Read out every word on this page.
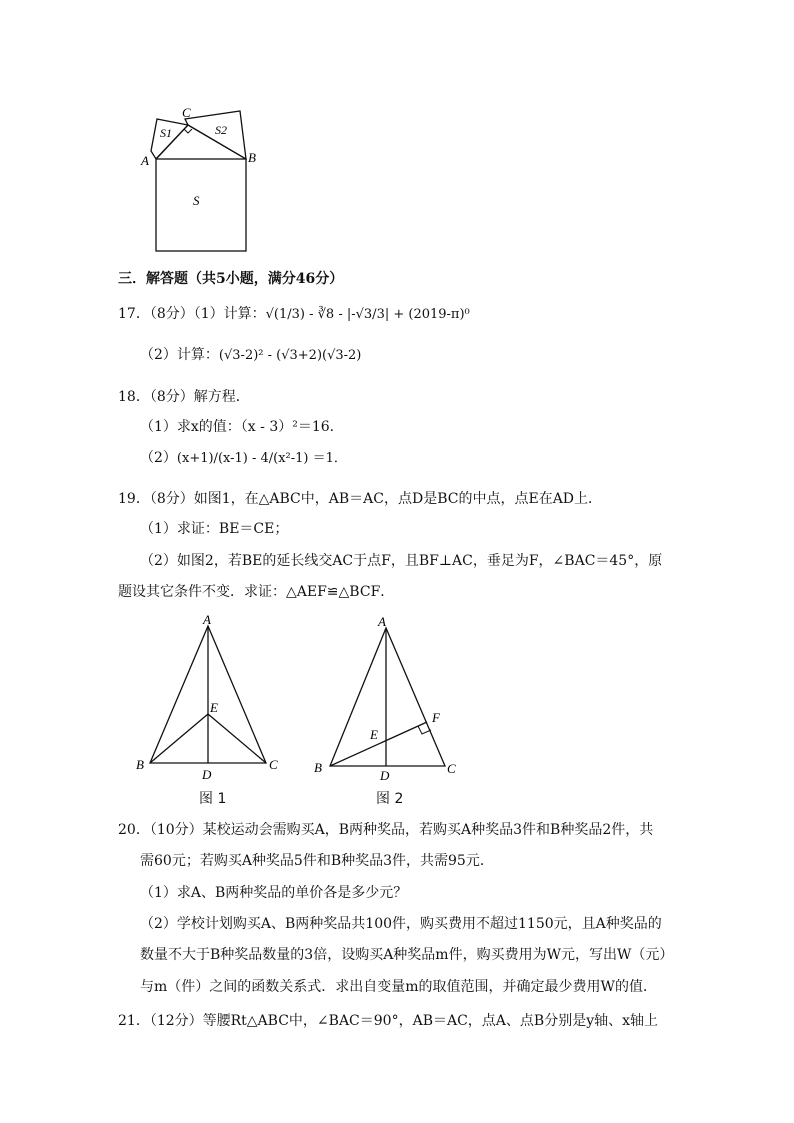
C
S1	S2
A	B
S
三．解答题（共5小题，满分46分）
17．（8分）（1）计算：√(1/3) - ∛8 - |-√3/3| + (2019-π)⁰
（2）计算：(√3-2)² - (√3+2)(√3-2)
18．（8分）解方程．
（1）求x的值：（x - 3）²＝16．
（2）(x+1)/(x-1) - 4/(x²-1) ＝1．
19．（8分）如图1，在△ABC中，AB＝AC，点D是BC的中点，点E在AD上．
（1）求证：BE＝CE；
（2）如图2，若BE的延长线交AC于点F，且BF⊥AC，垂足为F，∠BAC＝45°，原
题设其它条件不变．求证：△AEF≌△BCF．
A
B	C
D
E
图 1
A
B	C
D
E
F
图 2
20．（10分）某校运动会需购买A，B两种奖品，若购买A种奖品3件和B种奖品2件，共
需60元；若购买A种奖品5件和B种奖品3件，共需95元．
（1）求A、B两种奖品的单价各是多少元？
（2）学校计划购买A、B两种奖品共100件，购买费用不超过1150元，且A种奖品的
数量不大于B种奖品数量的3倍，设购买A种奖品m件，购买费用为W元，写出W（元）
与m（件）之间的函数关系式．求出自变量m的取值范围，并确定最少费用W的值．
21．（12分）等腰Rt△ABC中，∠BAC＝90°，AB＝AC，点A、点B分别是y轴、x轴上
